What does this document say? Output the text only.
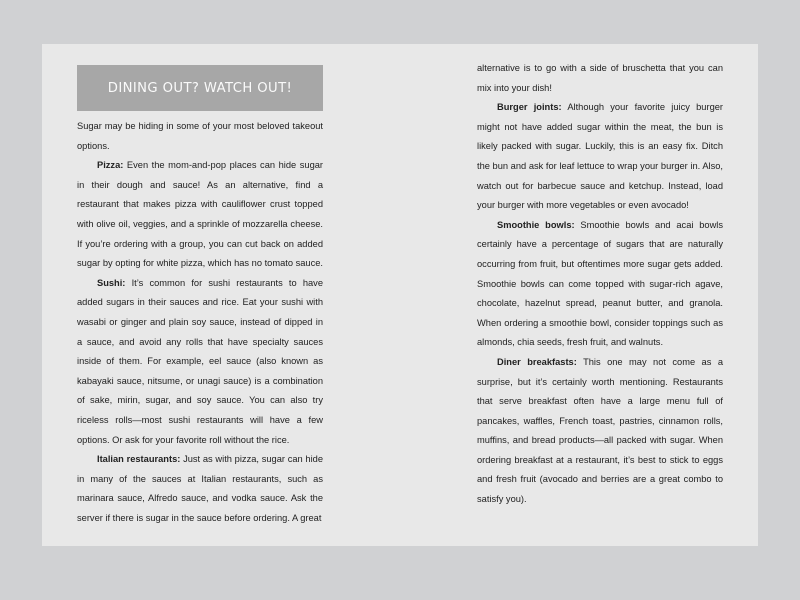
DINING OUT? WATCH OUT!

Sugar may be hiding in some of your most beloved takeout options.

Pizza: Even the mom-and-pop places can hide sugar in their dough and sauce! As an alternative, find a restaurant that makes pizza with cauliflower crust topped with olive oil, veggies, and a sprinkle of mozzarella cheese. If you’re ordering with a group, you can cut back on added sugar by opting for white pizza, which has no tomato sauce.

Sushi: It’s common for sushi restaurants to have added sugars in their sauces and rice. Eat your sushi with wasabi or ginger and plain soy sauce, instead of dipped in a sauce, and avoid any rolls that have specialty sauces inside of them. For example, eel sauce (also known as kabayaki sauce, nitsume, or unagi sauce) is a combination of sake, mirin, sugar, and soy sauce. You can also try riceless rolls—most sushi restaurants will have a few options. Or ask for your favorite roll without the rice.

Italian restaurants: Just as with pizza, sugar can hide in many of the sauces at Italian restaurants, such as marinara sauce, Alfredo sauce, and vodka sauce. Ask the server if there is sugar in the sauce before ordering. A great

alternative is to go with a side of bruschetta that you can mix into your dish!

Burger joints: Although your favorite juicy burger might not have added sugar within the meat, the bun is likely packed with sugar. Luckily, this is an easy fix. Ditch the bun and ask for leaf lettuce to wrap your burger in. Also, watch out for barbecue sauce and ketchup. Instead, load your burger with more vegetables or even avocado!

Smoothie bowls: Smoothie bowls and acai bowls certainly have a percentage of sugars that are naturally occurring from fruit, but oftentimes more sugar gets added. Smoothie bowls can come topped with sugar-rich agave, chocolate, hazelnut spread, peanut butter, and granola. When ordering a smoothie bowl, consider toppings such as almonds, chia seeds, fresh fruit, and walnuts.

Diner breakfasts: This one may not come as a surprise, but it’s certainly worth mentioning. Restaurants that serve breakfast often have a large menu full of pancakes, waffles, French toast, pastries, cinnamon rolls, muffins, and bread products—all packed with sugar. When ordering breakfast at a restaurant, it’s best to stick to eggs and fresh fruit (avocado and berries are a great combo to satisfy you).
